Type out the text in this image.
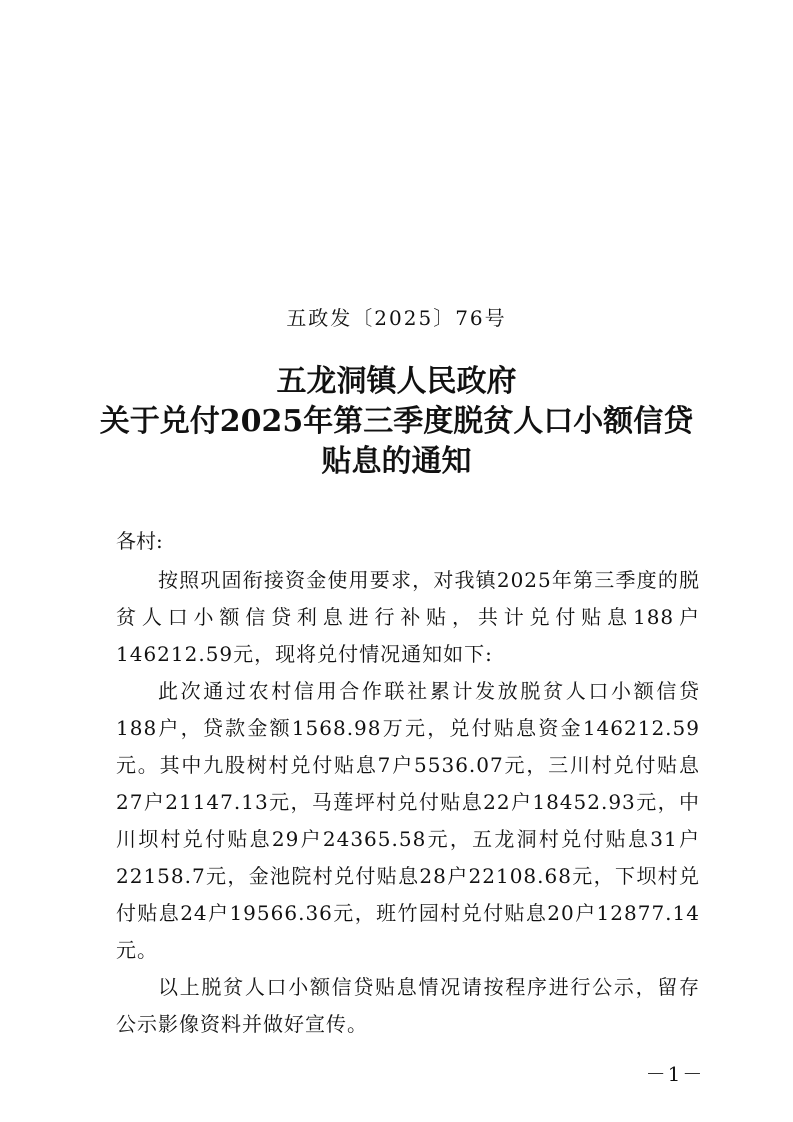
五政发〔2025〕76号
五龙洞镇人民政府
关于兑付2025年第三季度脱贫人口小额信贷
贴息的通知
各村:

按照巩固衔接资金使用要求，对我镇2025年第三季度的脱贫人口小额信贷利息进行补贴，共计兑付贴息188户146212.59元，现将兑付情况通知如下:

此次通过农村信用合作联社累计发放脱贫人口小额信贷188户，贷款金额1568.98万元，兑付贴息资金146212.59元。其中九股树村兑付贴息7户5536.07元，三川村兑付贴息27户21147.13元，马莲坪村兑付贴息22户18452.93元，中川坝村兑付贴息29户24365.58元，五龙洞村兑付贴息31户22158.7元，金池院村兑付贴息28户22108.68元，下坝村兑付贴息24户19566.36元，班竹园村兑付贴息20户12877.14元。

以上脱贫人口小额信贷贴息情况请按程序进行公示，留存公示影像资料并做好宣传。

－1－
